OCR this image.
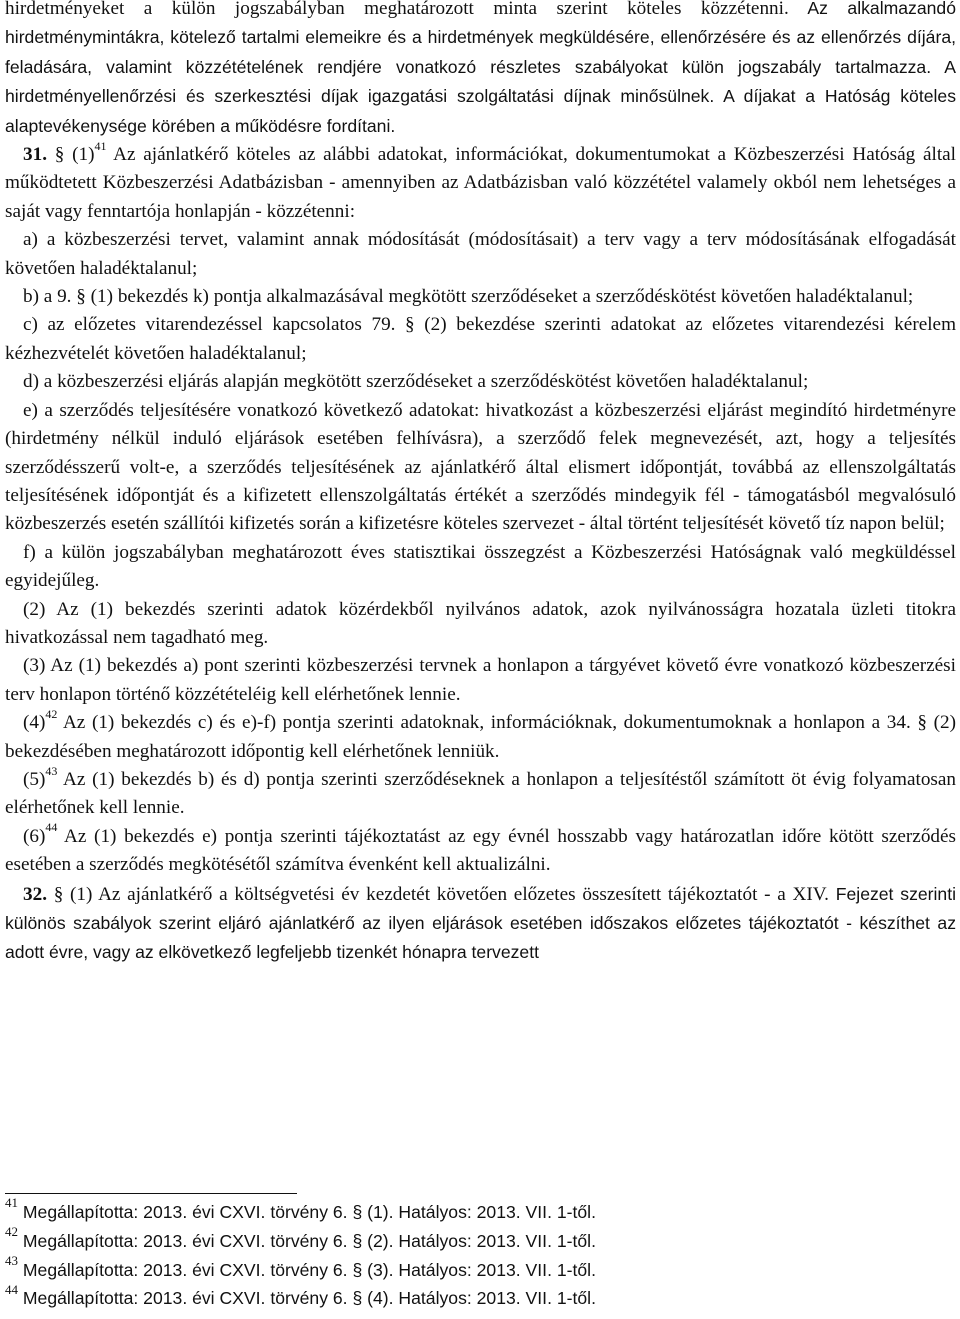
hirdetményeket a külön jogszabályban meghatározott minta szerint köteles közzétenni. Az alkalmazandó hirdetménymintákra, kötelező tartalmi elemeikre és a hirdetmények megküldésére, ellenőrzésére és az ellenőrzés díjára, feladására, valamint közzétételének rendjére vonatkozó részletes szabályokat külön jogszabály tartalmazza. A hirdetményellenőrzési és szerkesztési díjak igazgatási szolgáltatási díjnak minősülnek. A díjakat a Hatóság köteles alaptevékenysége körében a működésre fordítani.

31. § $(1)^{41}$ Az ajánlatkérő köteles az alábbi adatokat, információkat, dokumentumokat a Közbeszerzési Hatóság által működtetett Közbeszerzési Adatbázisban - amennyiben az Adatbázisban való közzététel valamely okból nem lehetséges a saját vagy fenntartója honlapján - közzétenni:

a) a közbeszerzési tervet, valamint annak módosítását (módosításait) a terv vagy a terv módosításának elfogadását követően haladéktalanul;

b) a 9. § (1) bekezdés k) pontja alkalmazásával megkötött szerződéseket a szerződéskötést követően haladéktalanul;

c) az előzetes vitarendezéssel kapcsolatos 79. § (2) bekezdése szerinti adatokat az előzetes vitarendezési kérelem kézhezvételét követően haladéktalanul;

d) a közbeszerzési eljárás alapján megkötött szerződéseket a szerződéskötést követően haladéktalanul;

e) a szerződés teljesítésére vonatkozó következő adatokat: hivatkozást a közbeszerzési eljárást megindító hirdetményre (hirdetmény nélkül induló eljárások esetében felhívásra), a szerződő felek megnevezését, azt, hogy a teljesítés szerződésszerű volt-e, a szerződés teljesítésének az ajánlatkérő által elismert időpontját, továbbá az ellenszolgáltatás teljesítésének időpontját és a kifizetett ellenszolgáltatás értékét a szerződés mindegyik fél - támogatásból megvalósuló közbeszerzés esetén szállítói kifizetés során a kifizetésre köteles szervezet - által történt teljesítését követő tíz napon belül;

f) a külön jogszabályban meghatározott éves statisztikai összegzést a Közbeszerzési Hatóságnak való megküldéssel egyidejűleg.

(2) Az (1) bekezdés szerinti adatok közérdekből nyilvános adatok, azok nyilvánosságra hozatala üzleti titokra hivatkozással nem tagadható meg.

(3) Az (1) bekezdés a) pont szerinti közbeszerzési tervnek a honlapon a tárgyévet követő évre vonatkozó közbeszerzési terv honlapon történő közzétételéig kell elérhetőnek lennie.

$(4)^{42}$ Az (1) bekezdés c) és e)-f) pontja szerinti adatoknak, információknak, dokumentumoknak a honlapon a 34. § (2) bekezdésében meghatározott időpontig kell elérhetőnek lenniük.

$(5)^{43}$ Az (1) bekezdés b) és d) pontja szerinti szerződéseknek a honlapon a teljesítéstől számított öt évig folyamatosan elérhetőnek kell lennie.

$(6)^{44}$ Az (1) bekezdés e) pontja szerinti tájékoztatást az egy évnél hosszabb vagy határozatlan időre kötött szerződés esetében a szerződés megkötésétől számítva évenként kell aktualizálni.

32. § (1) Az ajánlatkérő a költségvetési év kezdetét követően előzetes összesített tájékoztatót - a XIV. Fejezet szerinti különös szabályok szerint eljáró ajánlatkérő az ilyen eljárások esetében időszakos előzetes tájékoztatót - készíthet az adott évre, vagy az elkövetkező legfeljebb tizenkét hónapra tervezett

$^{41}$ Megállapította: 2013. évi CXVI. törvény 6. § (1). Hatályos: 2013. VII. 1-től.

$^{42}$ Megállapította: 2013. évi CXVI. törvény 6. § (2). Hatályos: 2013. VII. 1-től.

$^{43}$ Megállapította: 2013. évi CXVI. törvény 6. § (3). Hatályos: 2013. VII. 1-től.

$^{44}$ Megállapította: 2013. évi CXVI. törvény 6. § (4). Hatályos: 2013. VII. 1-től.
